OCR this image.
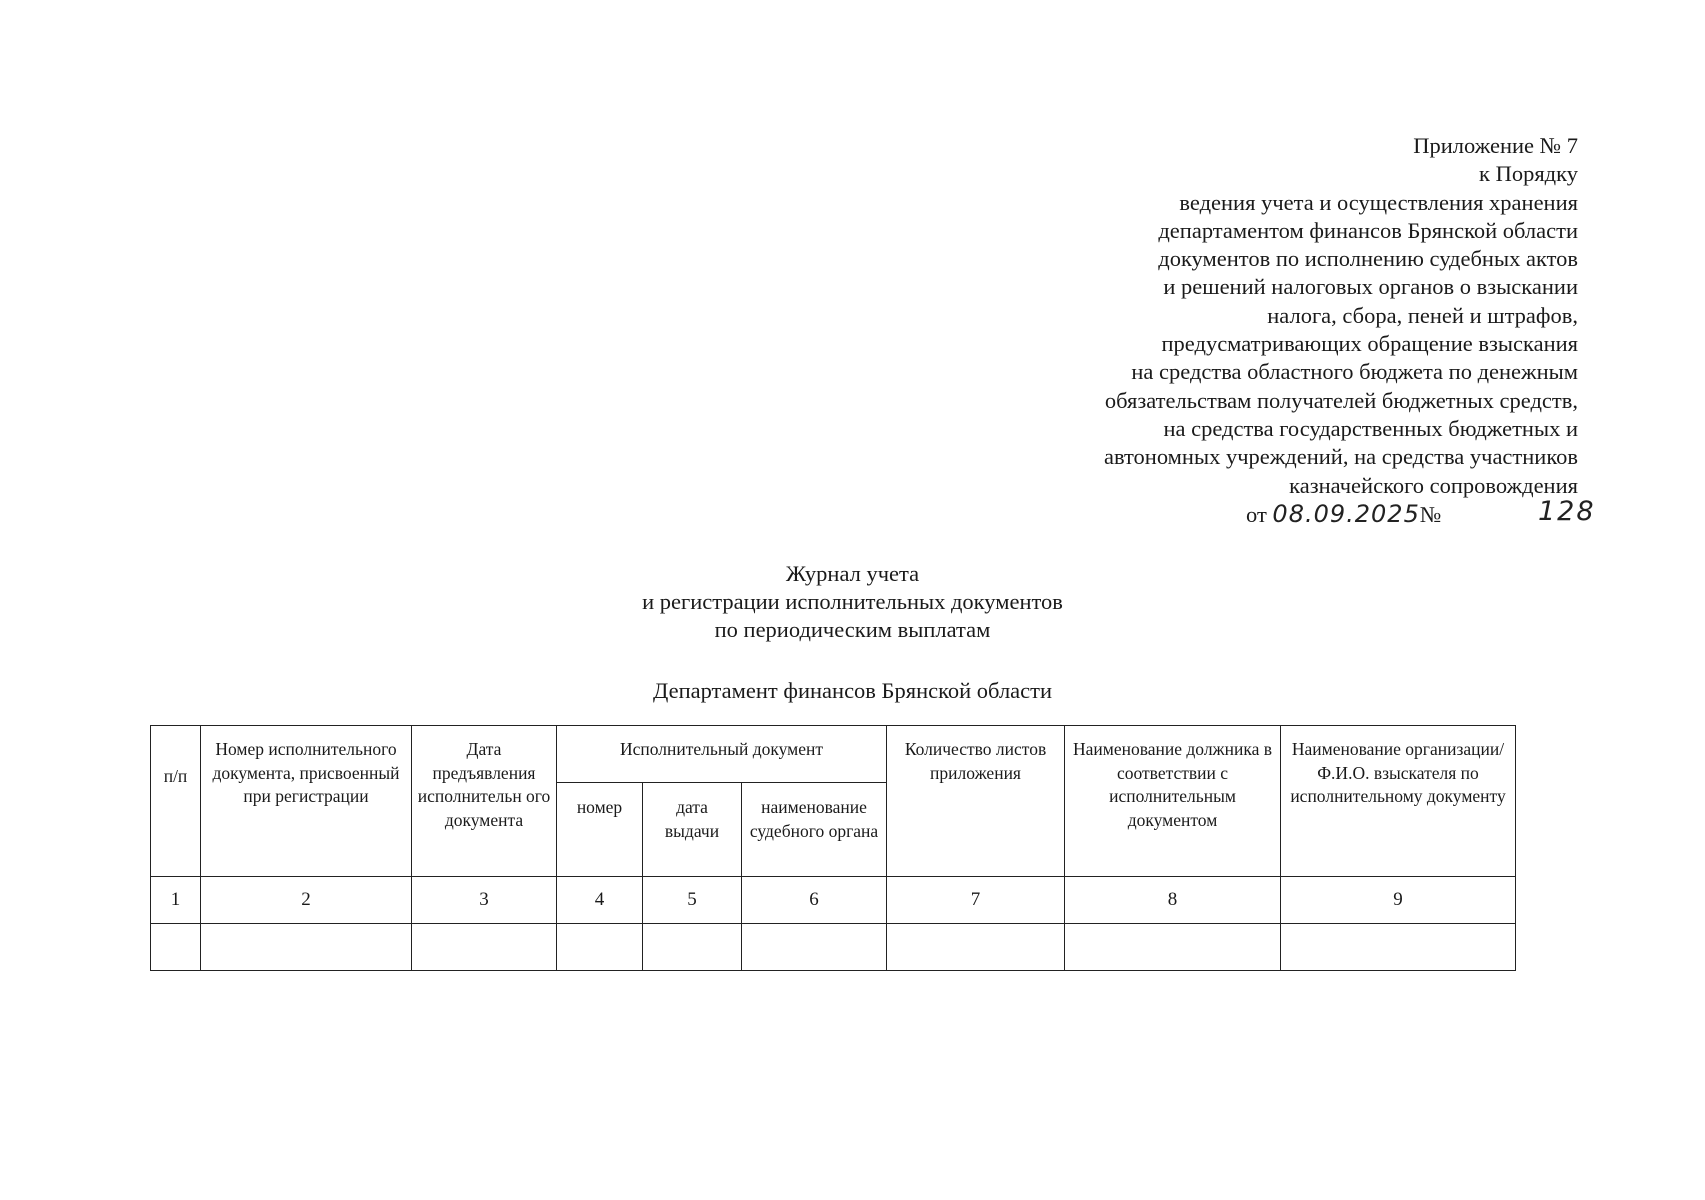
Приложение № 7
к Порядку
ведения учета и осуществления хранения
департаментом финансов Брянской области
документов по исполнению судебных актов
и решений налоговых органов о взыскании
налога, сбора, пеней и штрафов,
предусматривающих обращение взыскания
на средства областного бюджета по денежным
обязательствам получателей бюджетных средств,
на средства государственных бюджетных и
автономных учреждений, на средства участников
казначейского сопровождения
от 08.09.2025№	128
Журнал учета
и регистрации исполнительных документов
по периодическим выплатам
Департамент финансов Брянской области
п/п	Номер исполнительного документа, присвоенный при регистрации	Дата предъявления исполнительн ого документа	Исполнительный документ			Количество листов приложения	Наименование должника в соответствии с исполнительным документом	Наименование организации/Ф.И.О. взыскателя по исполнительному документу
			номер	дата выдачи	наименование судебного органа			
1	2	3	4	5	6	7	8	9
